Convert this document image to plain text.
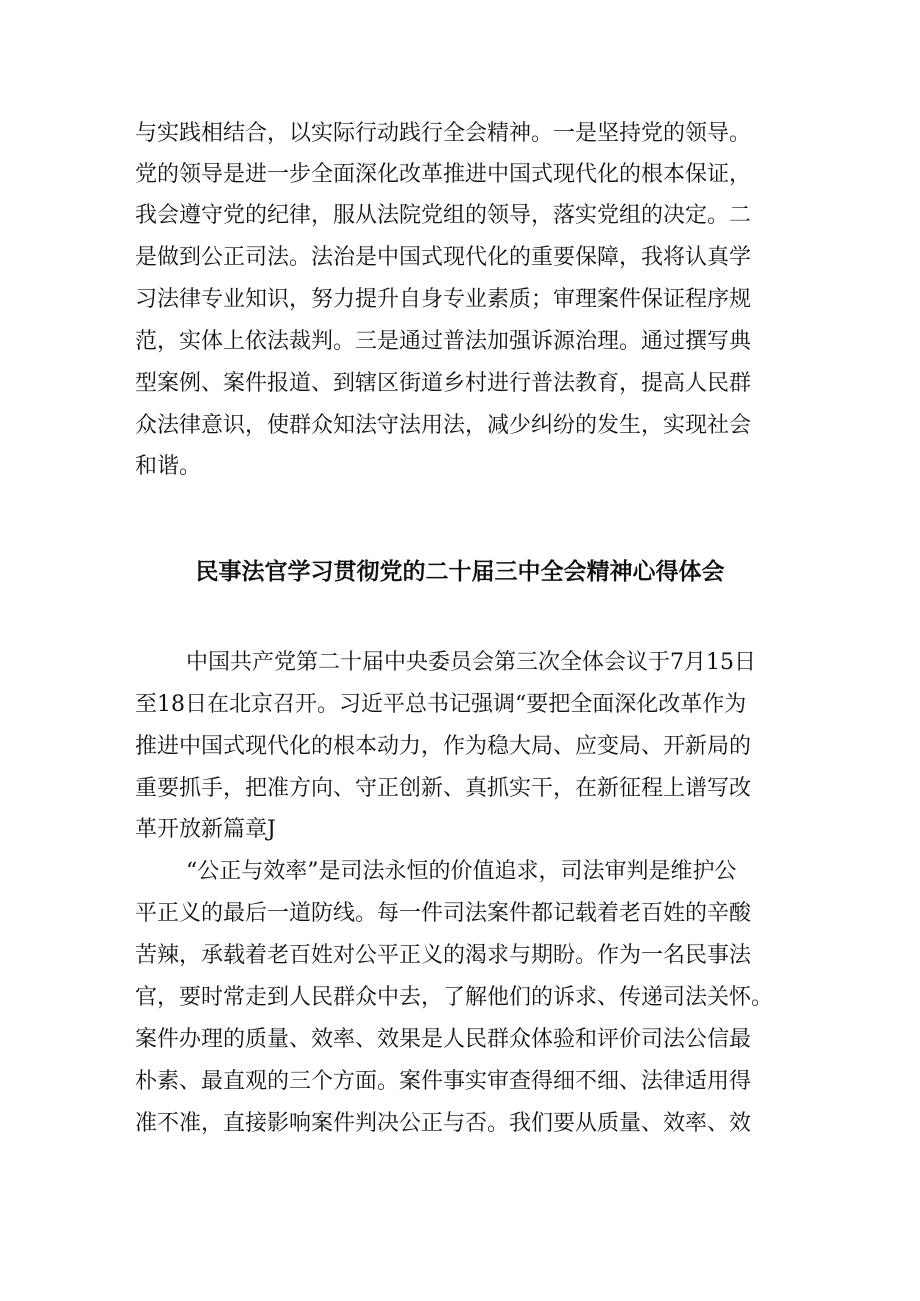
与实践相结合，以实际行动践行全会精神。一是坚持党的领导。
党的领导是进一步全面深化改革推进中国式现代化的根本保证，
我会遵守党的纪律，服从法院党组的领导，落实党组的决定。二
是做到公正司法。法治是中国式现代化的重要保障，我将认真学
习法律专业知识，努力提升自身专业素质；审理案件保证程序规
范，实体上依法裁判。三是通过普法加强诉源治理。通过撰写典
型案例、案件报道、到辖区街道乡村进行普法教育，提高人民群
众法律意识，使群众知法守法用法，减少纠纷的发生，实现社会
和谐。
民事法官学习贯彻党的二十届三中全会精神心得体会
中国共产党第二十届中央委员会第三次全体会议于7月15日
至18日在北京召开。习近平总书记强调“要把全面深化改革作为
推进中国式现代化的根本动力，作为稳大局、应变局、开新局的
重要抓手，把准方向、守正创新、真抓实干，在新征程上谱写改
革开放新篇章J
“公正与效率”是司法永恒的价值追求，司法审判是维护公
平正义的最后一道防线。每一件司法案件都记载着老百姓的辛酸
苦辣，承载着老百姓对公平正义的渴求与期盼。作为一名民事法
官，要时常走到人民群众中去，了解他们的诉求、传递司法关怀。
案件办理的质量、效率、效果是人民群众体验和评价司法公信最
朴素、最直观的三个方面。案件事实审查得细不细、法律适用得
准不准，直接影响案件判决公正与否。我们要从质量、效率、效
